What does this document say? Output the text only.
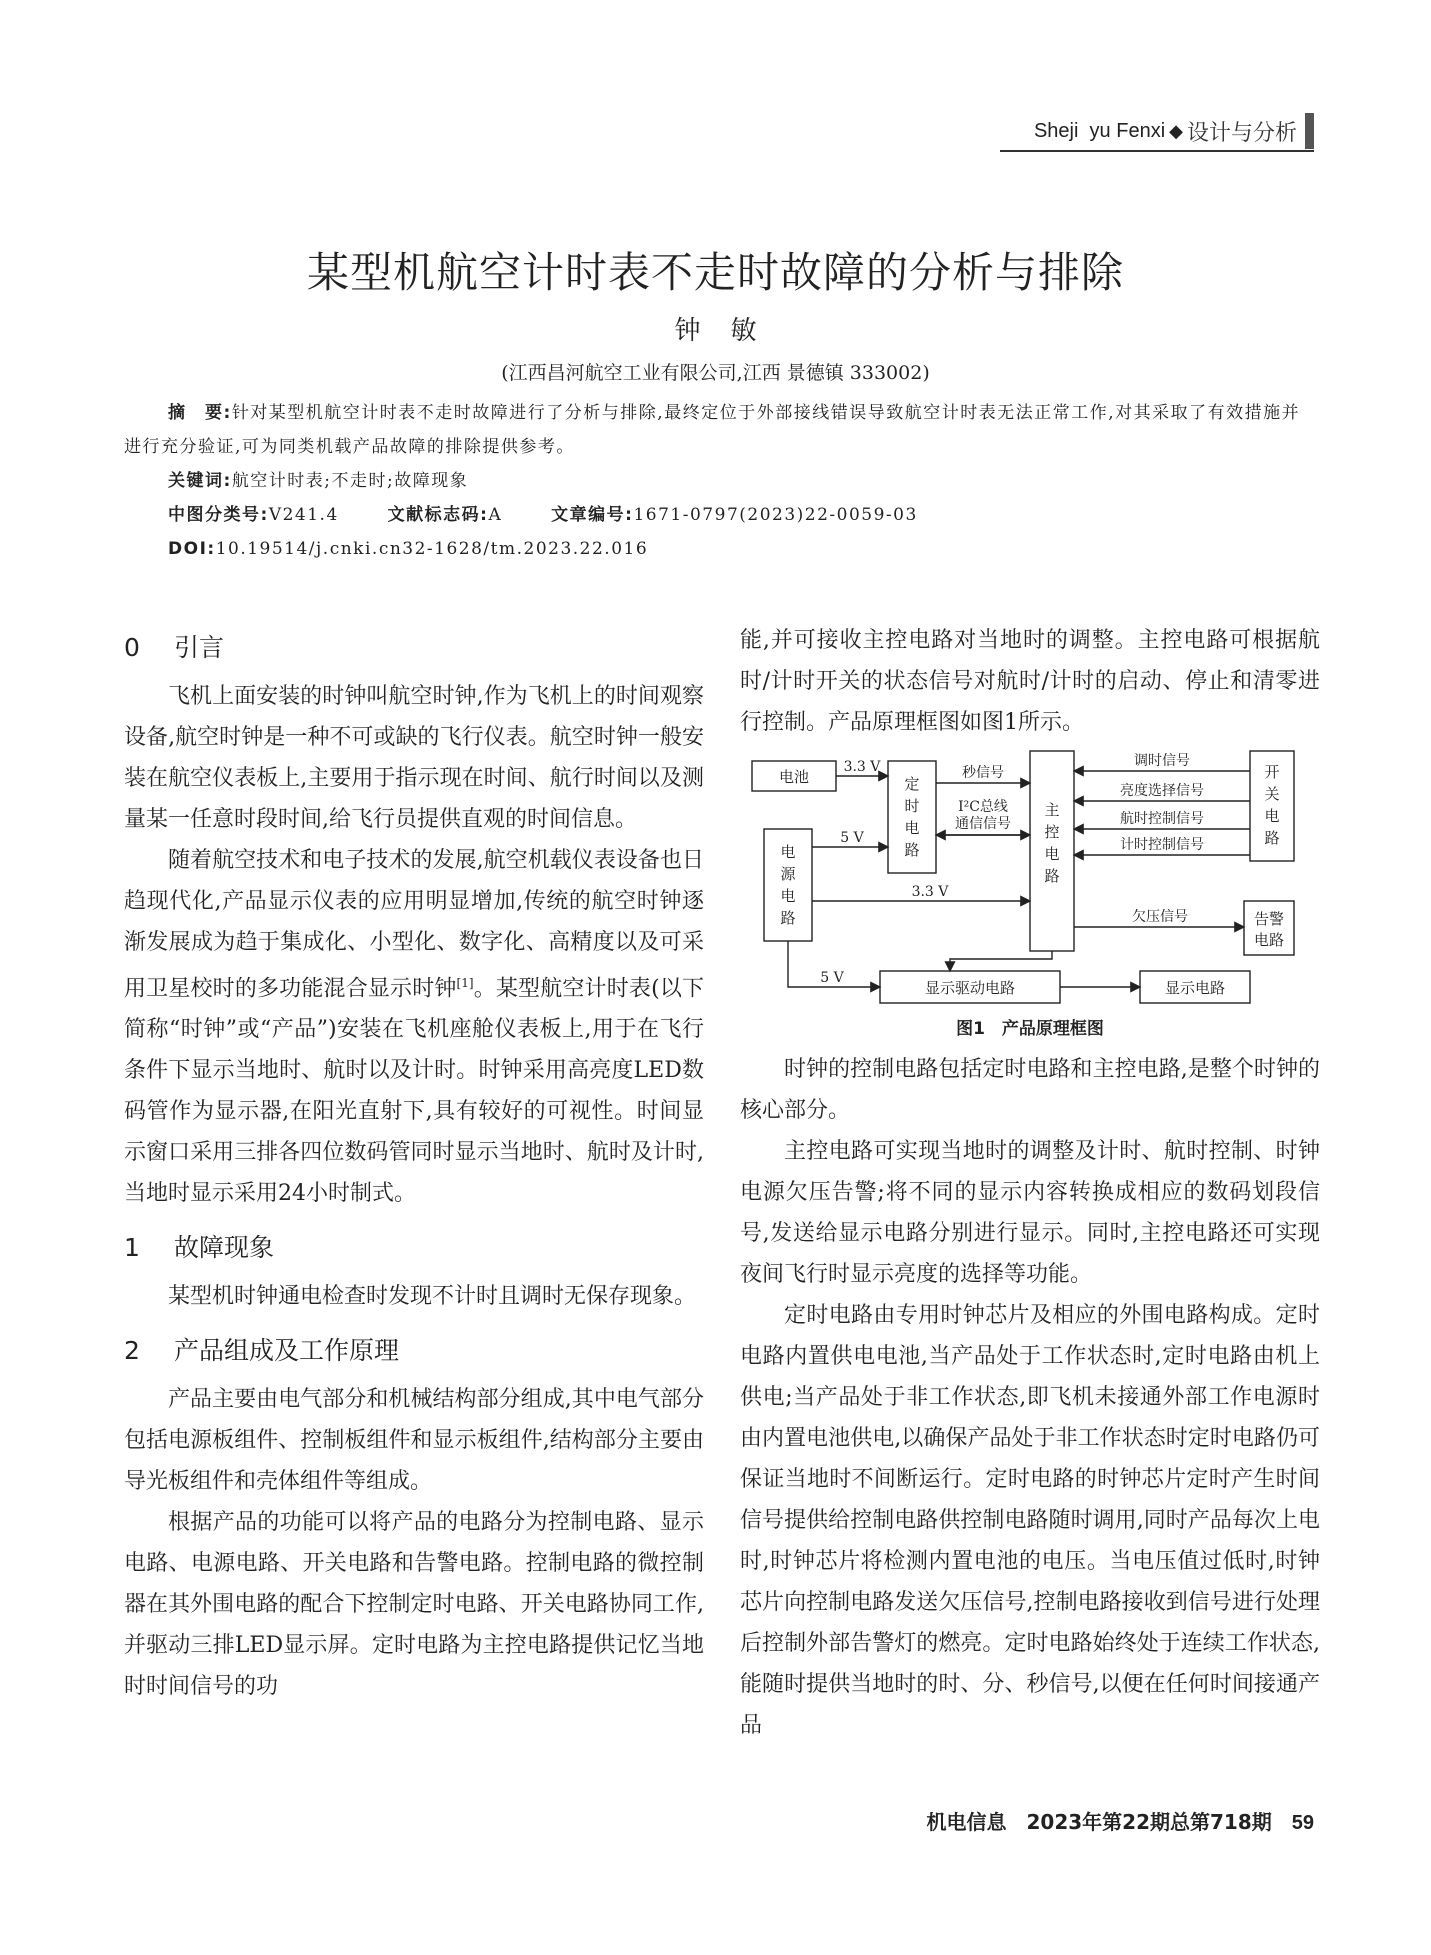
Sheji  yu Fenxi ◆ 设计与分析
某型机航空计时表不走时故障的分析与排除
钟敏
(江西昌河航空工业有限公司,江西 景德镇 333002)
摘　要:针对某型机航空计时表不走时故障进行了分析与排除,最终定位于外部接线错误导致航空计时表无法正常工作,对其采取了有效措施并进行充分验证,可为同类机载产品故障的排除提供参考。
关键词:航空计时表;不走时;故障现象
中图分类号:V241.4	文献标志码:A	文章编号:1671-0797(2023)22-0059-03
DOI:10.19514/j.cnki.cn32-1628/tm.2023.22.016
0 引言

飞机上面安装的时钟叫航空时钟,作为飞机上的时间观察设备,航空时钟是一种不可或缺的飞行仪表。航空时钟一般安装在航空仪表板上,主要用于指示现在时间、航行时间以及测量某一任意时段时间,给飞行员提供直观的时间信息。

随着航空技术和电子技术的发展,航空机载仪表设备也日趋现代化,产品显示仪表的应用明显增加,传统的航空时钟逐渐发展成为趋于集成化、小型化、数字化、高精度以及可采用卫星校时的多功能混合显示时钟[1]。某型航空计时表(以下简称“时钟”或“产品”)安装在飞机座舱仪表板上,用于在飞行条件下显示当地时、航时以及计时。时钟采用高亮度LED数码管作为显示器,在阳光直射下,具有较好的可视性。时间显示窗口采用三排各四位数码管同时显示当地时、航时及计时,当地时显示采用24小时制式。

1 故障现象

某型机时钟通电检查时发现不计时且调时无保存现象。

2 产品组成及工作原理

产品主要由电气部分和机械结构部分组成,其中电气部分包括电源板组件、控制板组件和显示板组件,结构部分主要由导光板组件和壳体组件等组成。

根据产品的功能可以将产品的电路分为控制电路、显示电路、电源电路、开关电路和告警电路。控制电路的微控制器在其外围电路的配合下控制定时电路、开关电路协同工作,并驱动三排LED显示屏。定时电路为主控电路提供记忆当地时时间信号的功

能,并可接收主控电路对当地时的调整。主控电路可根据航时/计时开关的状态信号对航时/计时的启动、停止和清零进行控制。产品原理框图如图1所示。

电池
3.3 V
5 V
3.3 V
5 V
秒信号
I²C总线
通信信号
调时信号
亮度选择信号
航时控制信号
计时控制信号
欠压信号
显示驱动电路	显示电路
定
时
电
路
电
源
电
路
主
控
电
路
开
关
电
路
告警
电路
图1　产品原理框图

时钟的控制电路包括定时电路和主控电路,是整个时钟的核心部分。

主控电路可实现当地时的调整及计时、航时控制、时钟电源欠压告警;将不同的显示内容转换成相应的数码划段信号,发送给显示电路分别进行显示。同时,主控电路还可实现夜间飞行时显示亮度的选择等功能。

定时电路由专用时钟芯片及相应的外围电路构成。定时电路内置供电电池,当产品处于工作状态时,定时电路由机上供电;当产品处于非工作状态,即飞机未接通外部工作电源时由内置电池供电,以确保产品处于非工作状态时定时电路仍可保证当地时不间断运行。定时电路的时钟芯片定时产生时间信号提供给控制电路供控制电路随时调用,同时产品每次上电时,时钟芯片将检测内置电池的电压。当电压值过低时,时钟芯片向控制电路发送欠压信号,控制电路接收到信号进行处理后控制外部告警灯的燃亮。定时电路始终处于连续工作状态,能随时提供当地时的时、分、秒信号,以便在任何时间接通产品

机电信息　2023年第22期总第718期 59
